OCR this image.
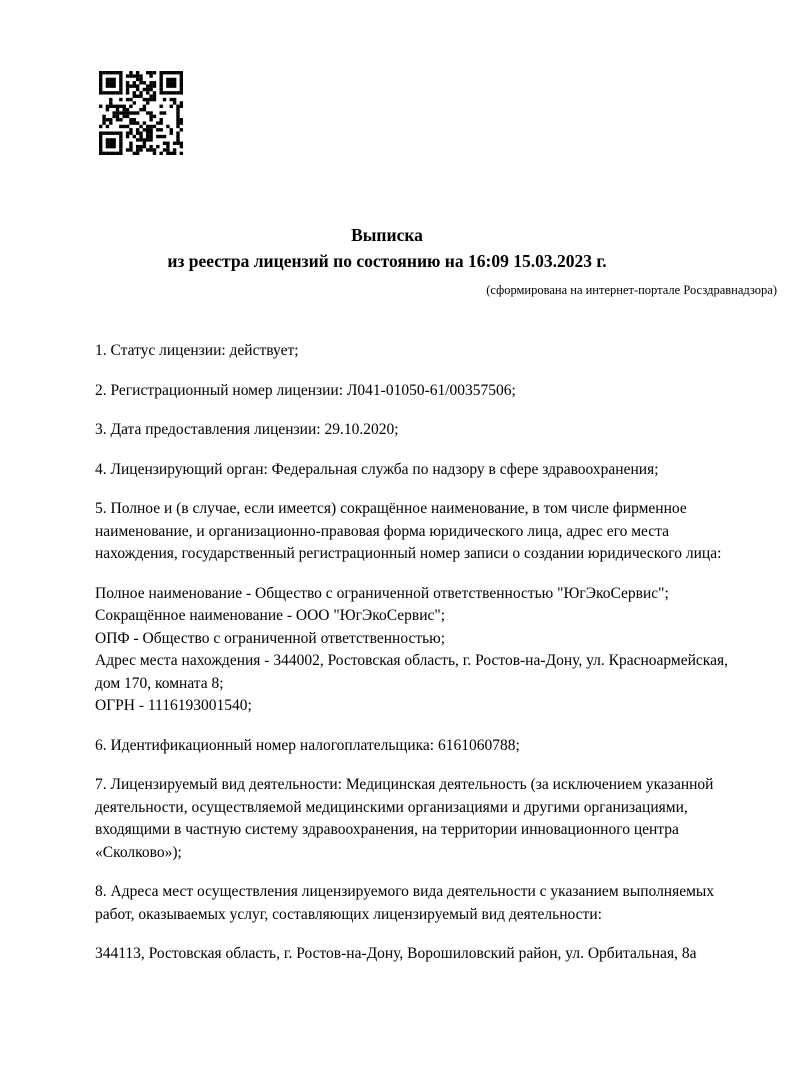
Выписка
из реестра лицензий по состоянию на 16:09 15.03.2023 г.
(сформирована на интернет-портале Росздравнадзора)

1. Статус лицензии: действует;

2. Регистрационный номер лицензии: Л041-01050-61/00357506;

3. Дата предоставления лицензии: 29.10.2020;

4. Лицензирующий орган: Федеральная служба по надзору в сфере здравоохранения;

5. Полное и (в случае, если имеется) сокращённое наименование, в том числе фирменное наименование, и организационно-правовая форма юридического лица, адрес его места нахождения, государственный регистрационный номер записи о создании юридического лица:

Полное наименование - Общество с ограниченной ответственностью "ЮгЭкоСервис";

Сокращённое наименование - ООО "ЮгЭкоСервис";

ОПФ - Общество с ограниченной ответственностью;

Адрес места нахождения - 344002, Ростовская область, г. Ростов-на-Дону, ул. Красноармейская, дом 170, комната 8;

ОГРН - 1116193001540;

6. Идентификационный номер налогоплательщика: 6161060788;

7. Лицензируемый вид деятельности: Медицинская деятельность (за исключением указанной деятельности, осуществляемой медицинскими организациями и другими организациями, входящими в частную систему здравоохранения, на территории инновационного центра «Сколково»);

8. Адреса мест осуществления лицензируемого вида деятельности с указанием выполняемых работ, оказываемых услуг, составляющих лицензируемый вид деятельности:

344113, Ростовская область, г. Ростов-на-Дону, Ворошиловский район, ул. Орбитальная, 8а
